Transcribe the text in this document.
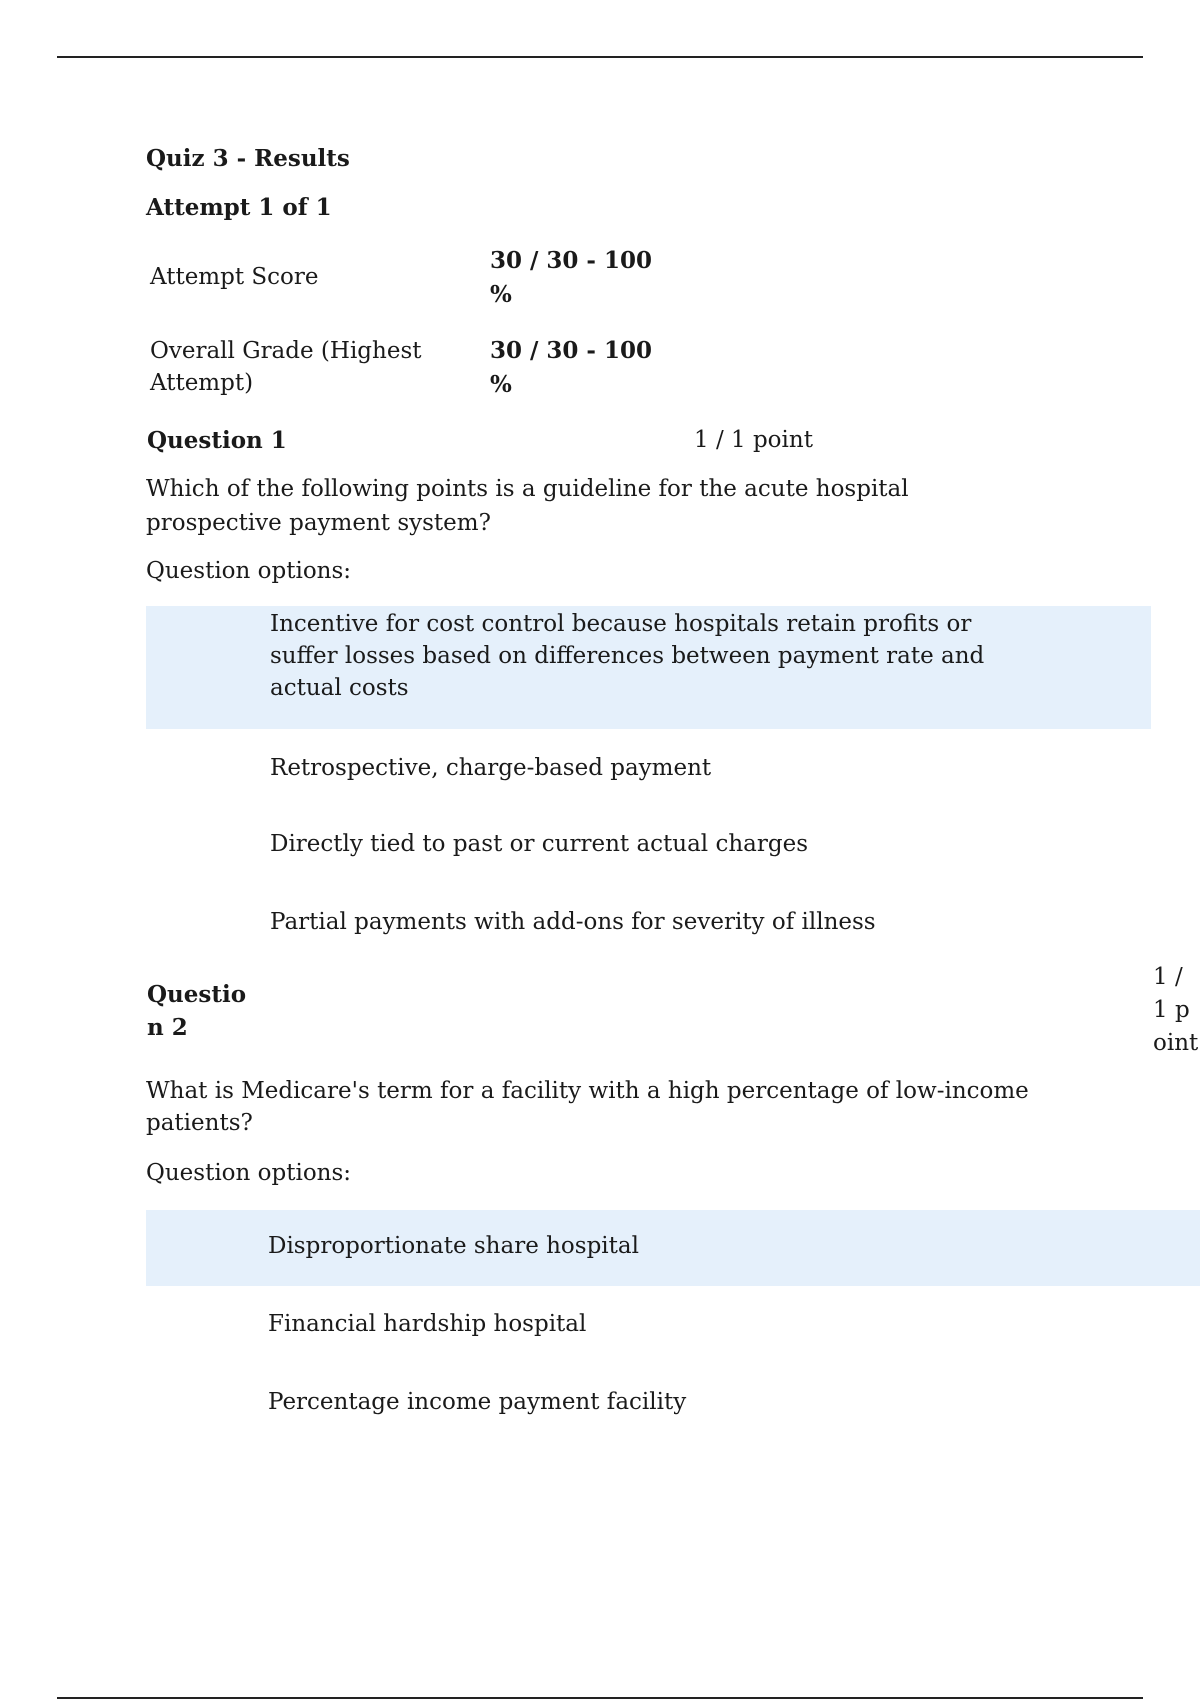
Quiz 3 - Results
Attempt 1 of 1
Attempt Score
30 / 30 - 100 %
Overall Grade (Highest Attempt)
30 / 30 - 100 %
Question 1	1 / 1 point
Which of the following points is a guideline for the acute hospital prospective payment system?
Question options:
Incentive for cost control because hospitals retain profits or suffer losses based on differences between payment rate and actual costs
Retrospective, charge-based payment
Directly tied to past or current actual charges
Partial payments with add-ons for severity of illness
Question 2
1 / 1 point
What is Medicare's term for a facility with a high percentage of low-income patients?
Question options:
Disproportionate share hospital
Financial hardship hospital
Percentage income payment facility
